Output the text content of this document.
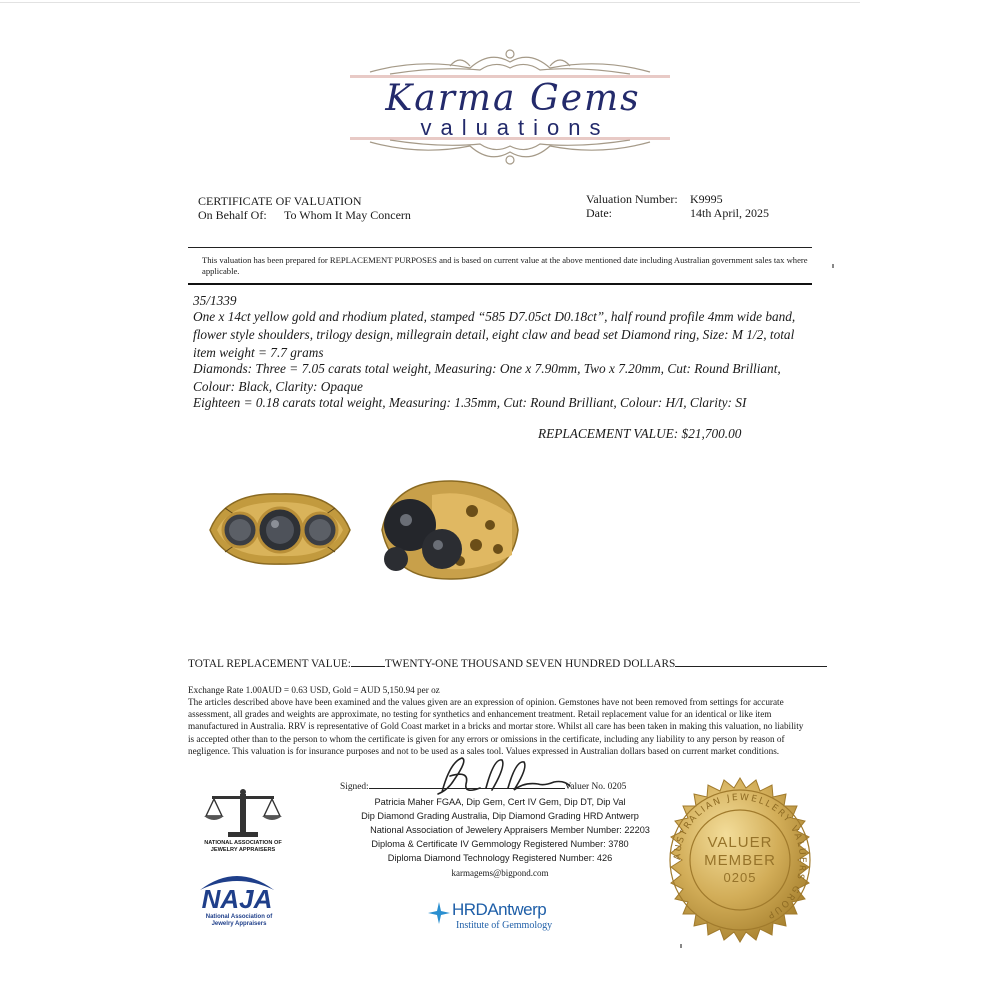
Karma Gems
valuations
CERTIFICATE OF VALUATION
On Behalf Of: To Whom It May Concern
Valuation Number: K9995
Date:	14th April, 2025
This valuation has been prepared for REPLACEMENT PURPOSES and is based on current value at the above mentioned date including Australian government sales tax where applicable.
35/1339
One x 14ct yellow gold and rhodium plated, stamped “585 D7.05ct D0.18ct”, half round profile 4mm wide band, flower style shoulders, trilogy design, millegrain detail, eight claw and bead set Diamond ring, Size: M 1/2, total item weight = 7.7 grams
Diamonds: Three = 7.05 carats total weight, Measuring: One x 7.90mm, Two x 7.20mm, Cut: Round Brilliant, Colour: Black, Clarity: Opaque
Eighteen = 0.18 carats total weight, Measuring: 1.35mm, Cut: Round Brilliant, Colour: H/I, Clarity: SI
REPLACEMENT VALUE: $21,700.00
TOTAL REPLACEMENT VALUE:	TWENTY-ONE THOUSAND SEVEN HUNDRED DOLLARS
Exchange Rate 1.00AUD = 0.63 USD, Gold = AUD 5,150.94 per oz
The articles described above have been examined and the values given are an expression of opinion. Gemstones have not been removed from settings for accurate assessment, all grades and weights are approximate, no testing for synthetics and enhancement treatment. Retail replacement value for an identical or like item manufactured in Australia. RRV is representative of Gold Coast market in a bricks and mortar store. Whilst all care has been taken in making this valuation, no liability is accepted other than to the person to whom the certificate is given for any errors or omissions in the certificate, including any liability to any person by reason of negligence. This valuation is for insurance purposes and not to be used as a sales tool. Values expressed in Australian dollars based on current market conditions.
Signed:	Valuer No. 0205
Patricia Maher FGAA, Dip Gem, Cert IV Gem, Dip DT, Dip Val
Dip Diamond Grading Australia, Dip Diamond Grading HRD Antwerp
National Association of Jewelery Appraisers Member Number: 22203
Diploma & Certificate IV Gemmology Registered Number: 3780
Diploma Diamond Technology Registered Number: 426
karmagems@bigpond.com
NATIONAL ASSOCIATION OF JEWELRY APPRAISERS
NAJA
National Association of Jewelry Appraisers
HRDAntwerp
Institute of Gemmology
AUSTRALIAN JEWELLERY VALUERS GROUP
VALUER
MEMBER
0205
